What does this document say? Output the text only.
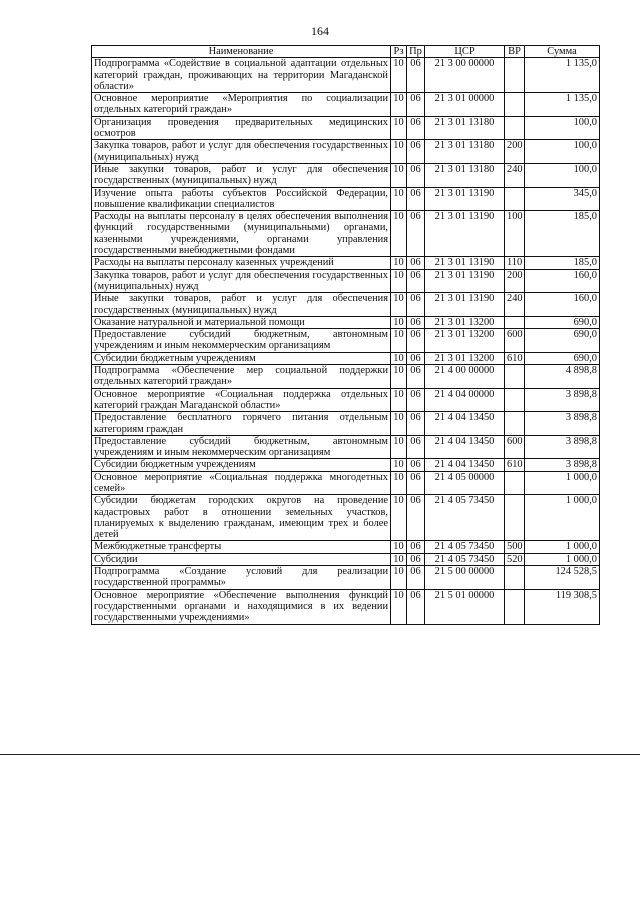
164
Наименование	Рз	Пр	ЦСР	ВР	Сумма
Подпрограмма «Содействие в социальной адаптации отдельных категорий граждан, проживающих на территории Магаданской области»	10	06	21 3 00 00000		1 135,0
Основное мероприятие «Мероприятия по социализации отдельных категорий граждан»	10	06	21 3 01 00000		1 135,0
Организация проведения предварительных медицинских осмотров	10	06	21 3 01 13180		100,0
Закупка товаров, работ и услуг для обеспечения государственных (муниципальных) нужд	10	06	21 3 01 13180	200	100,0
Иные закупки товаров, работ и услуг для обеспечения государственных (муниципальных) нужд	10	06	21 3 01 13180	240	100,0
Изучение опыта работы субъектов Российской Федерации, повышение квалификации специалистов	10	06	21 3 01 13190		345,0
Расходы на выплаты персоналу в целях обеспечения выполнения функций государственными (муниципальными) органами, казенными учреждениями, органами управления государственными внебюджетными фондами	10	06	21 3 01 13190	100	185,0
Расходы на выплаты персоналу казенных учреждений	10	06	21 3 01 13190	110	185,0
Закупка товаров, работ и услуг для обеспечения государственных (муниципальных) нужд	10	06	21 3 01 13190	200	160,0
Иные закупки товаров, работ и услуг для обеспечения государственных (муниципальных) нужд	10	06	21 3 01 13190	240	160,0
Оказание натуральной и материальной помощи	10	06	21 3 01 13200		690,0
Предоставление субсидий бюджетным, автономным учреждениям и иным некоммерческим организациям	10	06	21 3 01 13200	600	690,0
Субсидии бюджетным учреждениям	10	06	21 3 01 13200	610	690,0
Подпрограмма «Обеспечение мер социальной поддержки отдельных категорий граждан»	10	06	21 4 00 00000		4 898,8
Основное мероприятие «Социальная поддержка отдельных категорий граждан Магаданской области»	10	06	21 4 04 00000		3 898,8
Предоставление бесплатного горячего питания отдельным категориям граждан	10	06	21 4 04 13450		3 898,8
Предоставление субсидий бюджетным, автономным учреждениям и иным некоммерческим организациям	10	06	21 4 04 13450	600	3 898,8
Субсидии бюджетным учреждениям	10	06	21 4 04 13450	610	3 898,8
Основное мероприятие «Социальная поддержка многодетных семей»	10	06	21 4 05 00000		1 000,0
Субсидии бюджетам городских округов на проведение кадастровых работ в отношении земельных участков, планируемых к выделению гражданам, имеющим трех и более детей	10	06	21 4 05 73450		1 000,0
Межбюджетные трансферты	10	06	21 4 05 73450	500	1 000,0
Субсидии	10	06	21 4 05 73450	520	1 000,0
Подпрограмма «Создание условий для реализации государственной программы»	10	06	21 5 00 00000		124 528,5
Основное мероприятие «Обеспечение выполнения функций государственными органами и находящимися в их ведении государственными учреждениями»	10	06	21 5 01 00000		119 308,5
